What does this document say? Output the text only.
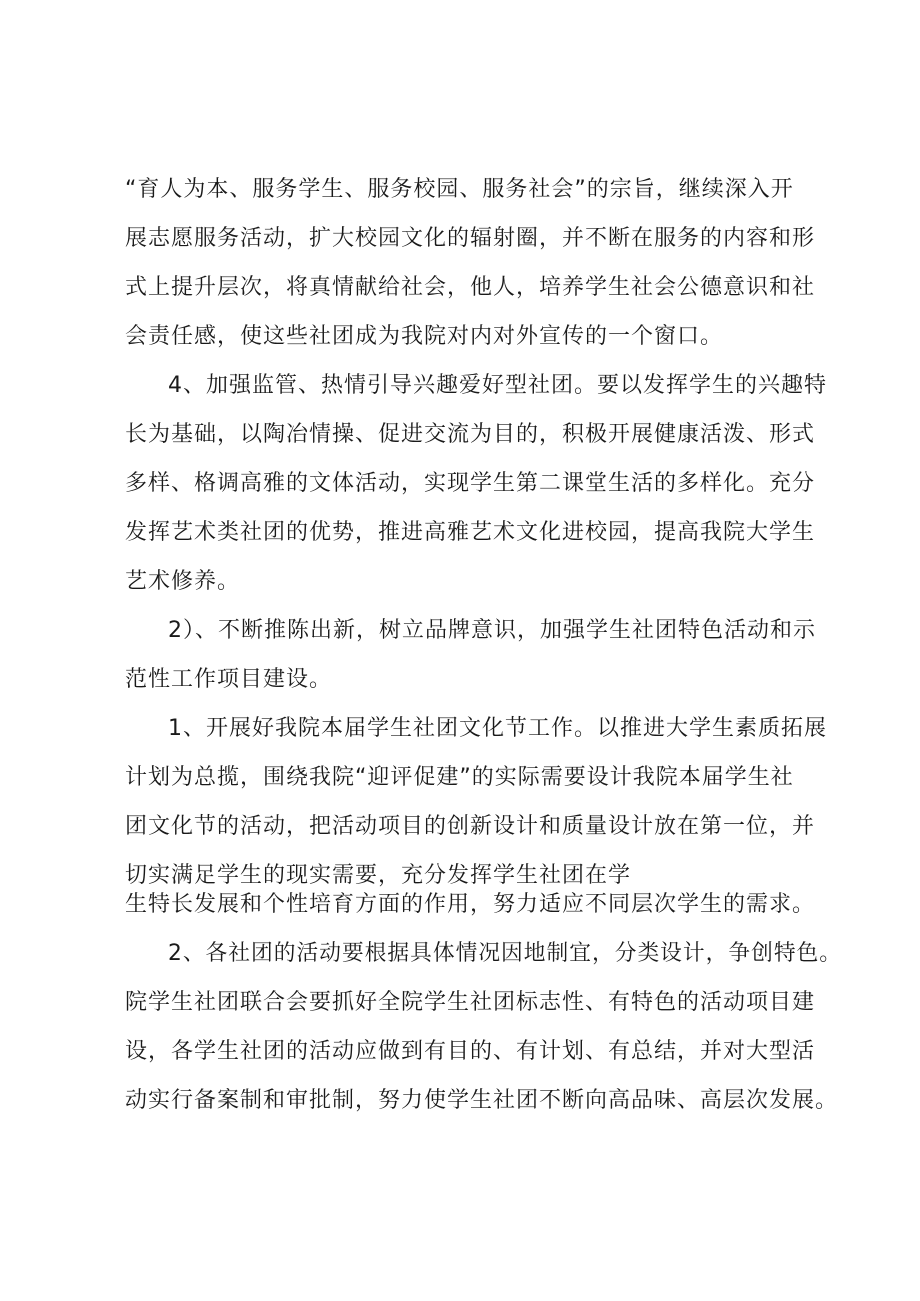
“育人为本、服务学生、服务校园、服务社会”的宗旨，继续深入开
展志愿服务活动，扩大校园文化的辐射圈，并不断在服务的内容和形
式上提升层次，将真情献给社会，他人，培养学生社会公德意识和社
会责任感，使这些社团成为我院对内对外宣传的一个窗口。
4、加强监管、热情引导兴趣爱好型社团。要以发挥学生的兴趣特
长为基础，以陶冶情操、促进交流为目的，积极开展健康活泼、形式
多样、格调高雅的文体活动，实现学生第二课堂生活的多样化。充分
发挥艺术类社团的优势，推进高雅艺术文化进校园，提高我院大学生
艺术修养。
2）、不断推陈出新，树立品牌意识，加强学生社团特色活动和示
范性工作项目建设。
1、开展好我院本届学生社团文化节工作。以推进大学生素质拓展
计划为总揽，围绕我院“迎评促建”的实际需要设计我院本届学生社
团文化节的活动，把活动项目的创新设计和质量设计放在第一位，并
切实满足学生的现实需要，充分发挥学生社团在学
生特长发展和个性培育方面的作用，努力适应不同层次学生的需求。
2、各社团的活动要根据具体情况因地制宜，分类设计，争创特色。
院学生社团联合会要抓好全院学生社团标志性、有特色的活动项目建
设，各学生社团的活动应做到有目的、有计划、有总结，并对大型活
动实行备案制和审批制，努力使学生社团不断向高品味、高层次发展。
